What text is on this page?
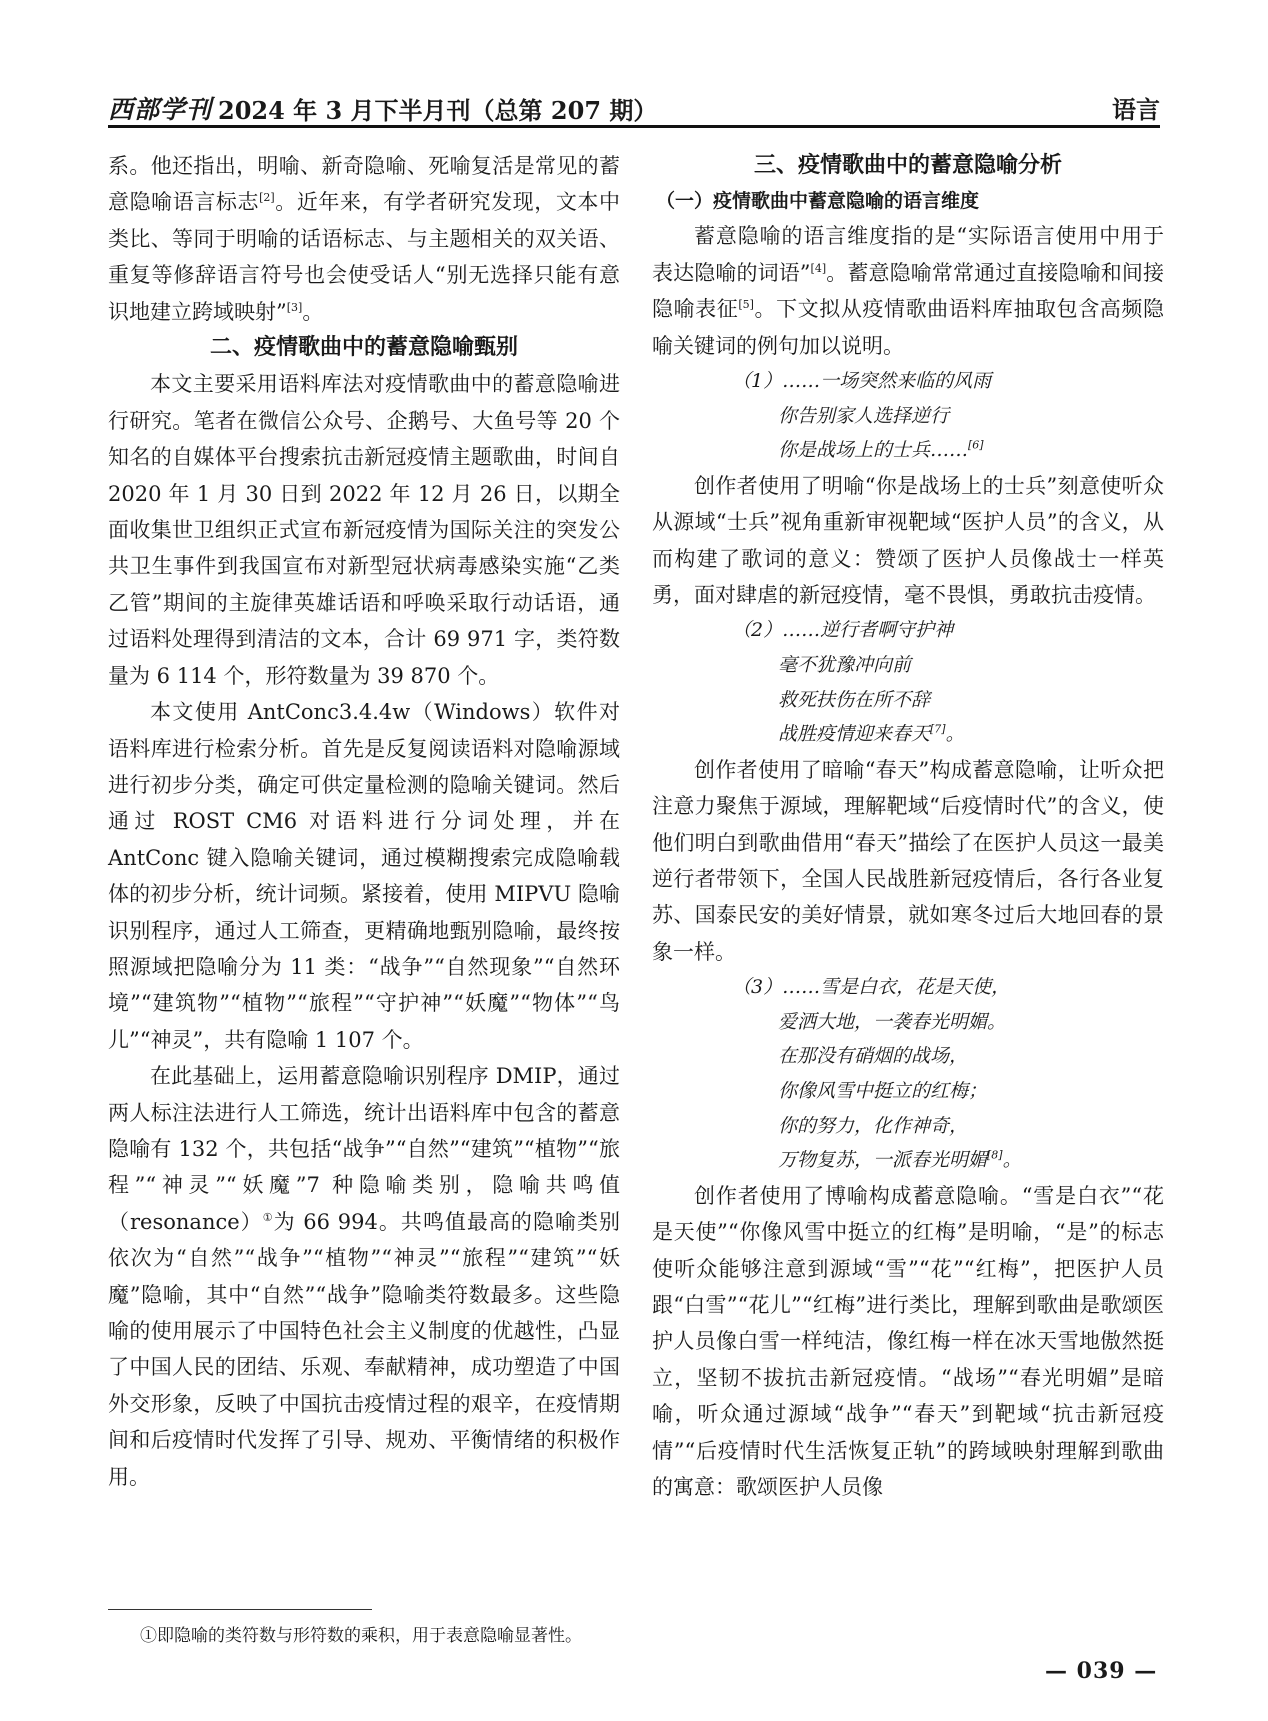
西部学刊 2024 年 3 月下半月刊（总第 207 期）	语言

系。他还指出，明喻、新奇隐喻、死喻复活是常见的蓄意隐喻语言标志[2]。近年来，有学者研究发现，文本中类比、等同于明喻的话语标志、与主题相关的双关语、重复等修辞语言符号也会使受话人“别无选择只能有意识地建立跨域映射”[3]。

二、疫情歌曲中的蓄意隐喻甄别

本文主要采用语料库法对疫情歌曲中的蓄意隐喻进行研究。笔者在微信公众号、企鹅号、大鱼号等 20 个知名的自媒体平台搜索抗击新冠疫情主题歌曲，时间自 2020 年 1 月 30 日到 2022 年 12 月 26 日，以期全面收集世卫组织正式宣布新冠疫情为国际关注的突发公共卫生事件到我国宣布对新型冠状病毒感染实施“乙类乙管”期间的主旋律英雄话语和呼唤采取行动话语，通过语料处理得到清洁的文本，合计 69 971 字，类符数量为 6 114 个，形符数量为 39 870 个。

本文使用 AntConc3.4.4w（Windows）软件对语料库进行检索分析。首先是反复阅读语料对隐喻源域进行初步分类，确定可供定量检测的隐喻关键词。然后通过 ROST CM6 对语料进行分词处理，并在 AntConc 键入隐喻关键词，通过模糊搜索完成隐喻载体的初步分析，统计词频。紧接着，使用 MIPVU 隐喻识别程序，通过人工筛查，更精确地甄别隐喻，最终按照源域把隐喻分为 11 类：“战争”“自然现象”“自然环境”“建筑物”“植物”“旅程”“守护神”“妖魔”“物体”“鸟儿”“神灵”，共有隐喻 1 107 个。

在此基础上，运用蓄意隐喻识别程序 DMIP，通过两人标注法进行人工筛选，统计出语料库中包含的蓄意隐喻有 132 个，共包括“战争”“自然”“建筑”“植物”“旅程”“神灵”“妖魔”7 种隐喻类别，隐喻共鸣值（resonance）①为 66 994。共鸣值最高的隐喻类别依次为“自然”“战争”“植物”“神灵”“旅程”“建筑”“妖魔”隐喻，其中“自然”“战争”隐喻类符数最多。这些隐喻的使用展示了中国特色社会主义制度的优越性，凸显了中国人民的团结、乐观、奉献精神，成功塑造了中国外交形象，反映了中国抗击疫情过程的艰辛，在疫情期间和后疫情时代发挥了引导、规劝、平衡情绪的积极作用。

三、疫情歌曲中的蓄意隐喻分析
（一）疫情歌曲中蓄意隐喻的语言维度

蓄意隐喻的语言维度指的是“实际语言使用中用于表达隐喻的词语”[4]。蓄意隐喻常常通过直接隐喻和间接隐喻表征[5]。下文拟从疫情歌曲语料库抽取包含高频隐喻关键词的例句加以说明。

（1）……一场突然来临的风雨
你告别家人选择逆行
你是战场上的士兵……[6]

创作者使用了明喻“你是战场上的士兵”刻意使听众从源域“士兵”视角重新审视靶域“医护人员”的含义，从而构建了歌词的意义：赞颂了医护人员像战士一样英勇，面对肆虐的新冠疫情，毫不畏惧，勇敢抗击疫情。

（2）……逆行者啊守护神
毫不犹豫冲向前
救死扶伤在所不辞
战胜疫情迎来春天[7]。

创作者使用了暗喻“春天”构成蓄意隐喻，让听众把注意力聚焦于源域，理解靶域“后疫情时代”的含义，使他们明白到歌曲借用“春天”描绘了在医护人员这一最美逆行者带领下，全国人民战胜新冠疫情后，各行各业复苏、国泰民安的美好情景，就如寒冬过后大地回春的景象一样。

（3）……雪是白衣，花是天使，
爱洒大地，一袭春光明媚。
在那没有硝烟的战场，
你像风雪中挺立的红梅；
你的努力，化作神奇，
万物复苏，一派春光明媚[8]。

创作者使用了博喻构成蓄意隐喻。“雪是白衣”“花是天使”“你像风雪中挺立的红梅”是明喻，“是”的标志使听众能够注意到源域“雪”“花”“红梅”，把医护人员跟“白雪”“花儿”“红梅”进行类比，理解到歌曲是歌颂医护人员像白雪一样纯洁，像红梅一样在冰天雪地傲然挺立，坚韧不拔抗击新冠疫情。“战场”“春光明媚”是暗喻，听众通过源域“战争”“春天”到靶域“抗击新冠疫情”“后疫情时代生活恢复正轨”的跨域映射理解到歌曲的寓意：歌颂医护人员像

①即隐喻的类符数与形符数的乘积，用于表意隐喻显著性。
— 039 —
